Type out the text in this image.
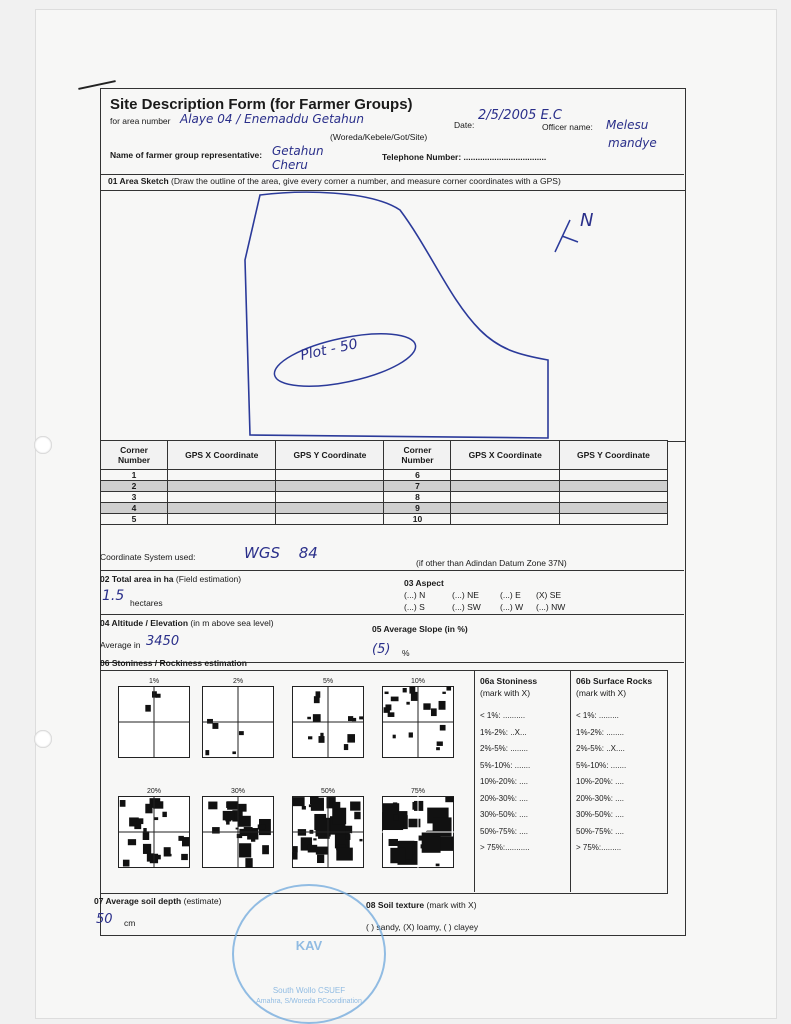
Site Description Form (for Farmer Groups)
for area number Alaye 04 / Enemaddu Getahun
(Woreda/Kebele/Got/Site)
Date:
2/5/2005 E.C
Officer name: Melesu
mandye
Name of farmer group representative: Getahun Cheru
Telephone Number: ...................................
01 Area Sketch (Draw the outline of the area, give every corner a number, and measure corner coordinates with a GPS)
Plot - 50
N
Corner Number	GPS X Coordinate	GPS Y Coordinate	Corner Number	GPS X Coordinate	GPS Y Coordinate
1			6		
2			7		
3			8		
4			9		
5			10		
Coordinate System used:	WGS 84
(if other than Adindan Datum Zone 37N)
02 Total area in ha (Field estimation)
1.5 hectares
03 Aspect
(...) N	(...) NE	(...) E	(X) SE
(...) S	(...) SW	(...) W	(...) NW
04 Altitude / Elevation (in m above sea level)
Average in 3450
05 Average Slope (in %)
(5) %
06 Stoniness / Rockiness estimation
1%	2%	5%	10%
20%	30%	50%	75%
06a Stoniness
(mark with X)
06b Surface Rocks
(mark with X)
< 1%: ..........
1%-2%: ..X...
2%-5%: ........
5%-10%: .......
10%-20%: ....
20%-30%: ....
30%-50%: ....
50%-75%: ....
> 75%:...........
< 1%: .........
1%-2%: ........
2%-5%: ..X....
5%-10%: .......
10%-20%: ....
20%-30%: ....
30%-50%: ....
50%-75%: ....
> 75%:.........
07 Average soil depth (estimate)
50 cm
08 Soil texture (mark with X)
( ) sandy, (X) loamy, ( ) clayey
KAV
South Wollo CSUEF
Amahra, S/Woreda PCoordination
